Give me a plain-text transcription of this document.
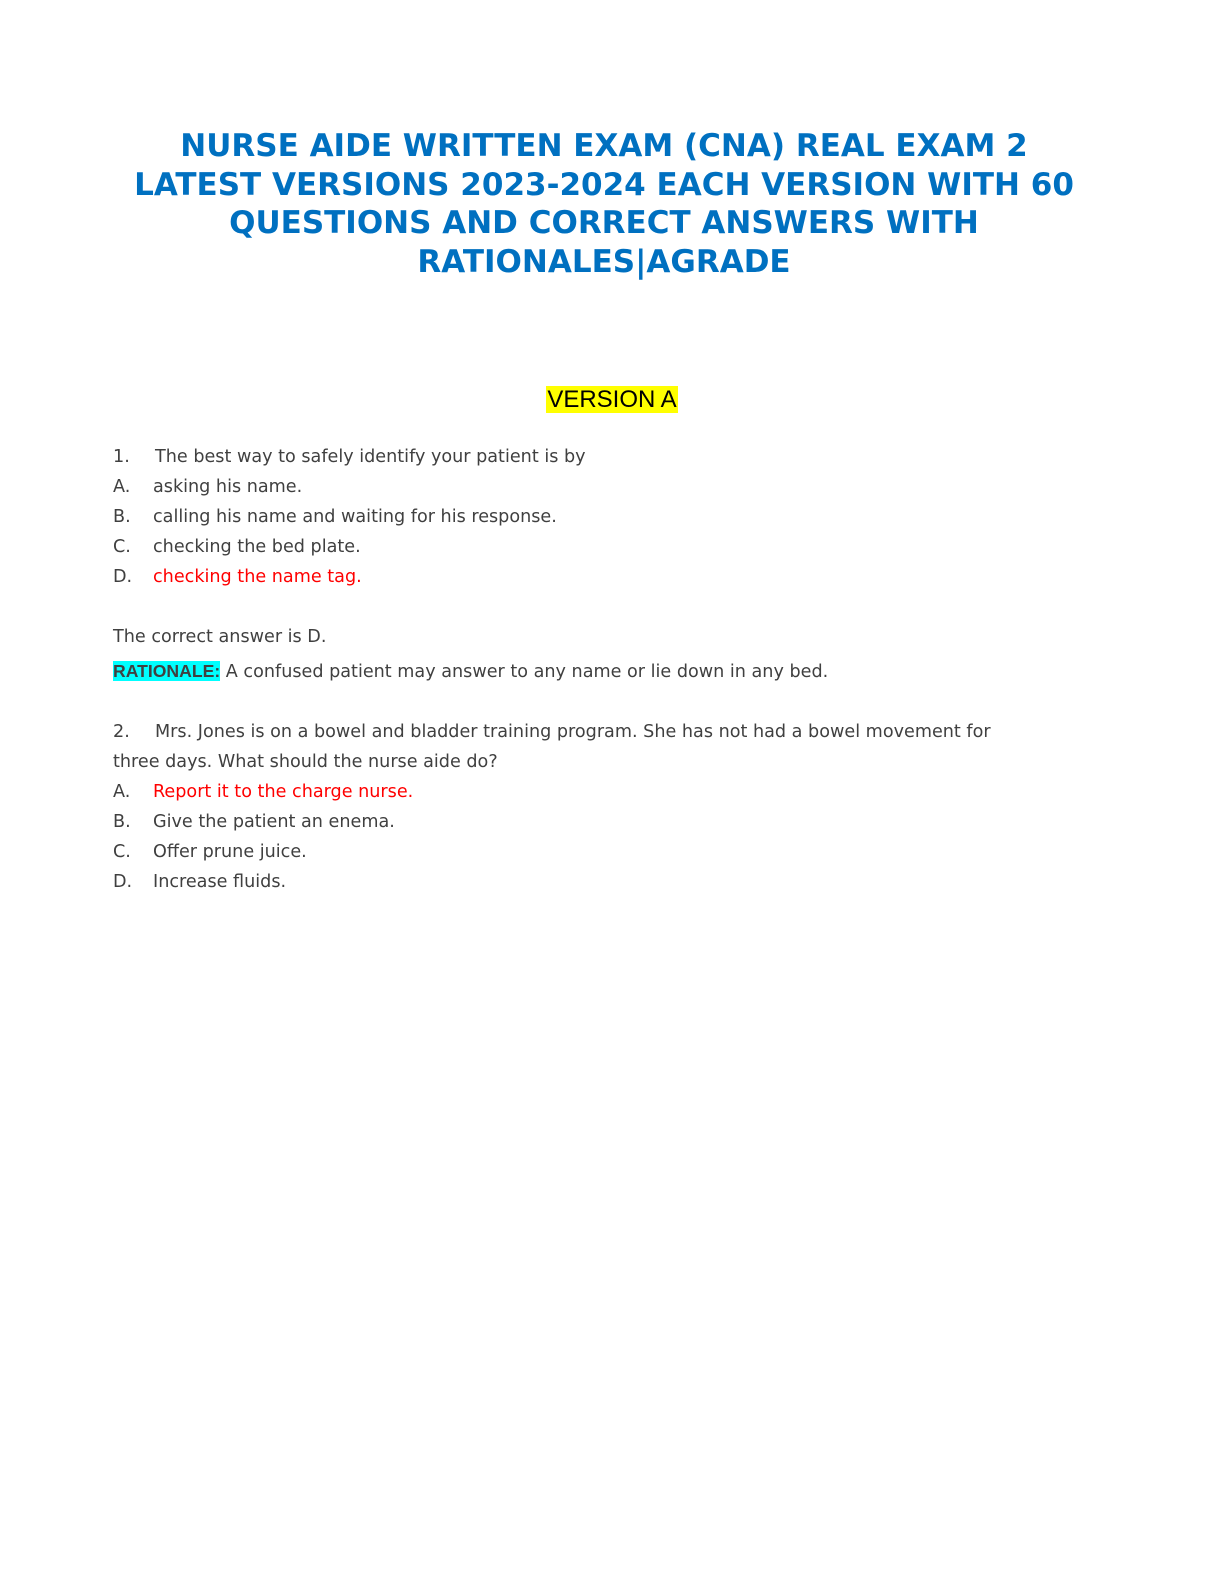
NURSE AIDE WRITTEN EXAM (CNA) REAL EXAM 2 LATEST VERSIONS 2023-2024 EACH VERSION WITH 60 QUESTIONS AND CORRECT ANSWERS WITH RATIONALES|AGRADE

VERSION A

1. The best way to safely identify your patient is by

A. asking his name.

B. calling his name and waiting for his response.

C. checking the bed plate.

D. checking the name tag.

The correct answer is D.

RATIONALE: A confused patient may answer to any name or lie down in any bed.

2. Mrs. Jones is on a bowel and bladder training program. She has not had a bowel movement for

three days. What should the nurse aide do?

A. Report it to the charge nurse.

B. Give the patient an enema.

C. Offer prune juice.

D. Increase fluids.
